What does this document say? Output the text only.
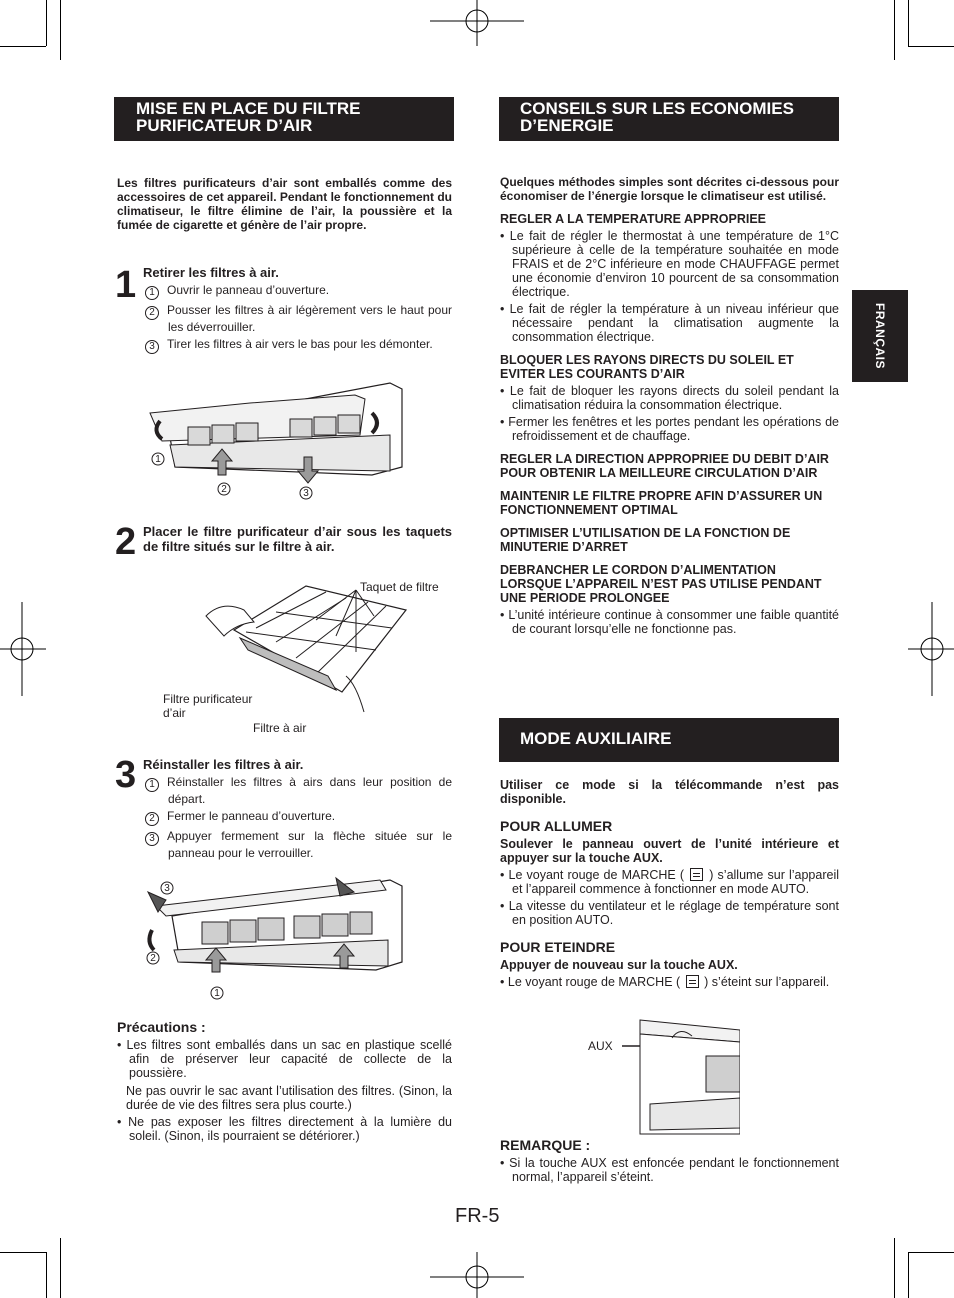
FRANÇAIS
MISE EN PLACE DU FILTRE
PURIFICATEUR D’AIR
Les filtres purificateurs d’air sont emballés comme des accessoires de cet appareil. Pendant le fonctionnement du climatiseur, le filtre élimine de l’air, la poussière et la fumée de cigarette et génère de l’air propre.
1 Retirer les filtres à air.
1 Ouvrir le panneau d’ouverture.
2 Pousser les filtres à air légèrement vers le haut pour les déverrouiller.
3 Tirer les filtres à air vers le bas pour les démonter.
1
2	3
2 Placer le filtre purificateur d’air sous les taquets de filtre situés sur le filtre à air.
Taquet de filtre
Filtre purificateur d’air
Filtre à air
3 Réinstaller les filtres à air.
1 Réinstaller les filtres à airs dans leur position de départ.
2 Fermer le panneau d’ouverture.
3 Appuyer fermement sur la flèche située sur le panneau pour le verrouiller.
3
2
1
Précautions :
• Les filtres sont emballés dans un sac en plastique scellé afin de préserver leur capacité de collecte de la poussière.
Ne pas ouvrir le sac avant l’utilisation des filtres. (Sinon, la durée de vie des filtres sera plus courte.)
• Ne pas exposer les filtres directement à la lumière du soleil. (Sinon, ils pourraient se détériorer.)
CONSEILS SUR LES ECONOMIES
D’ENERGIE
Quelques méthodes simples sont décrites ci-dessous pour économiser de l’énergie lorsque le climatiseur est utilisé.
REGLER A LA TEMPERATURE APPROPRIEE
• Le fait de régler le thermostat à une température de 1°C supérieure à celle de la température souhaitée en mode FRAIS et de 2°C inférieure en mode CHAUFFAGE permet une économie d’environ 10 pourcent de sa consommation électrique.
• Le fait de régler la température à un niveau inférieur que nécessaire pendant la climatisation augmente la consommation électrique.
BLOQUER LES RAYONS DIRECTS DU SOLEIL ET EVITER LES COURANTS D’AIR
• Le fait de bloquer les rayons directs du soleil pendant la climatisation réduira la consommation électrique.
• Fermer les fenêtres et les portes pendant les opérations de refroidissement et de chauffage.
REGLER LA DIRECTION APPROPRIEE DU DEBIT D’AIR POUR OBTENIR LA MEILLEURE CIRCULATION D’AIR
MAINTENIR LE FILTRE PROPRE AFIN D’ASSURER UN FONCTIONNEMENT OPTIMAL
OPTIMISER L’UTILISATION DE LA FONCTION DE MINUTERIE D’ARRET
DEBRANCHER LE CORDON D’ALIMENTATION LORSQUE L’APPAREIL N’EST PAS UTILISE PENDANT UNE PERIODE PROLONGEE
• L’unité intérieure continue à consommer une faible quantité de courant lorsqu’elle ne fonctionne pas.
MODE AUXILIAIRE
Utiliser ce mode si la télécommande n’est pas disponible.
POUR ALLUMER
Soulever le panneau ouvert de l’unité intérieure et appuyer sur la touche AUX.
• Le voyant rouge de MARCHE ( ) s’allume sur l’appareil et l’appareil commence à fonctionner en mode AUTO.
• La vitesse du ventilateur et le réglage de température sont en position AUTO.
POUR ETEINDRE
Appuyer de nouveau sur la touche AUX.
• Le voyant rouge de MARCHE ( ) s’éteint sur l’appareil.
AUX
REMARQUE :
• Si la touche AUX est enfoncée pendant le fonctionnement normal, l’appareil s’éteint.
FR-5
